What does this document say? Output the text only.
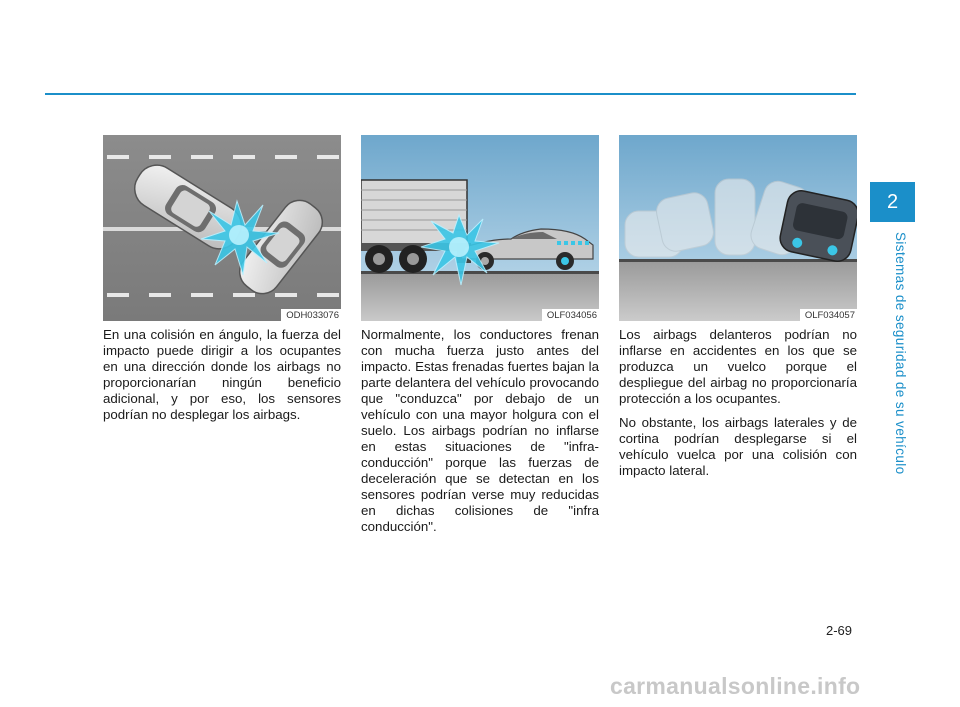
2
Sistemas de seguridad de su vehículo
ODH033076

En una colisión en ángulo, la fuerza del impacto puede dirigir a los ocupantes en una dirección donde los airbags no proporcionarían ningún beneficio adicional, y por eso, los sensores podrían no desplegar los airbags.

OLF034056

Normalmente, los conductores frenan con mucha fuerza justo antes del impacto. Estas frenadas fuertes bajan la parte delantera del vehículo provocando que "conduzca" por debajo de un vehículo con una mayor holgura con el suelo. Los airbags podrían no inflarse en estas situaciones de "infra-conducción" porque las fuerzas de deceleración que se detectan en los sensores podrían verse muy reducidas en dichas colisiones de "infra conducción".

OLF034057

Los airbags delanteros podrían no inflarse en accidentes en los que se produzca un vuelco porque el despliegue del airbag no proporcionaría protección a los ocupantes.

No obstante, los airbags laterales y de cortina podrían desplegarse si el vehículo vuelca por una colisión con impacto lateral.

2-69
carmanualsonline.info
